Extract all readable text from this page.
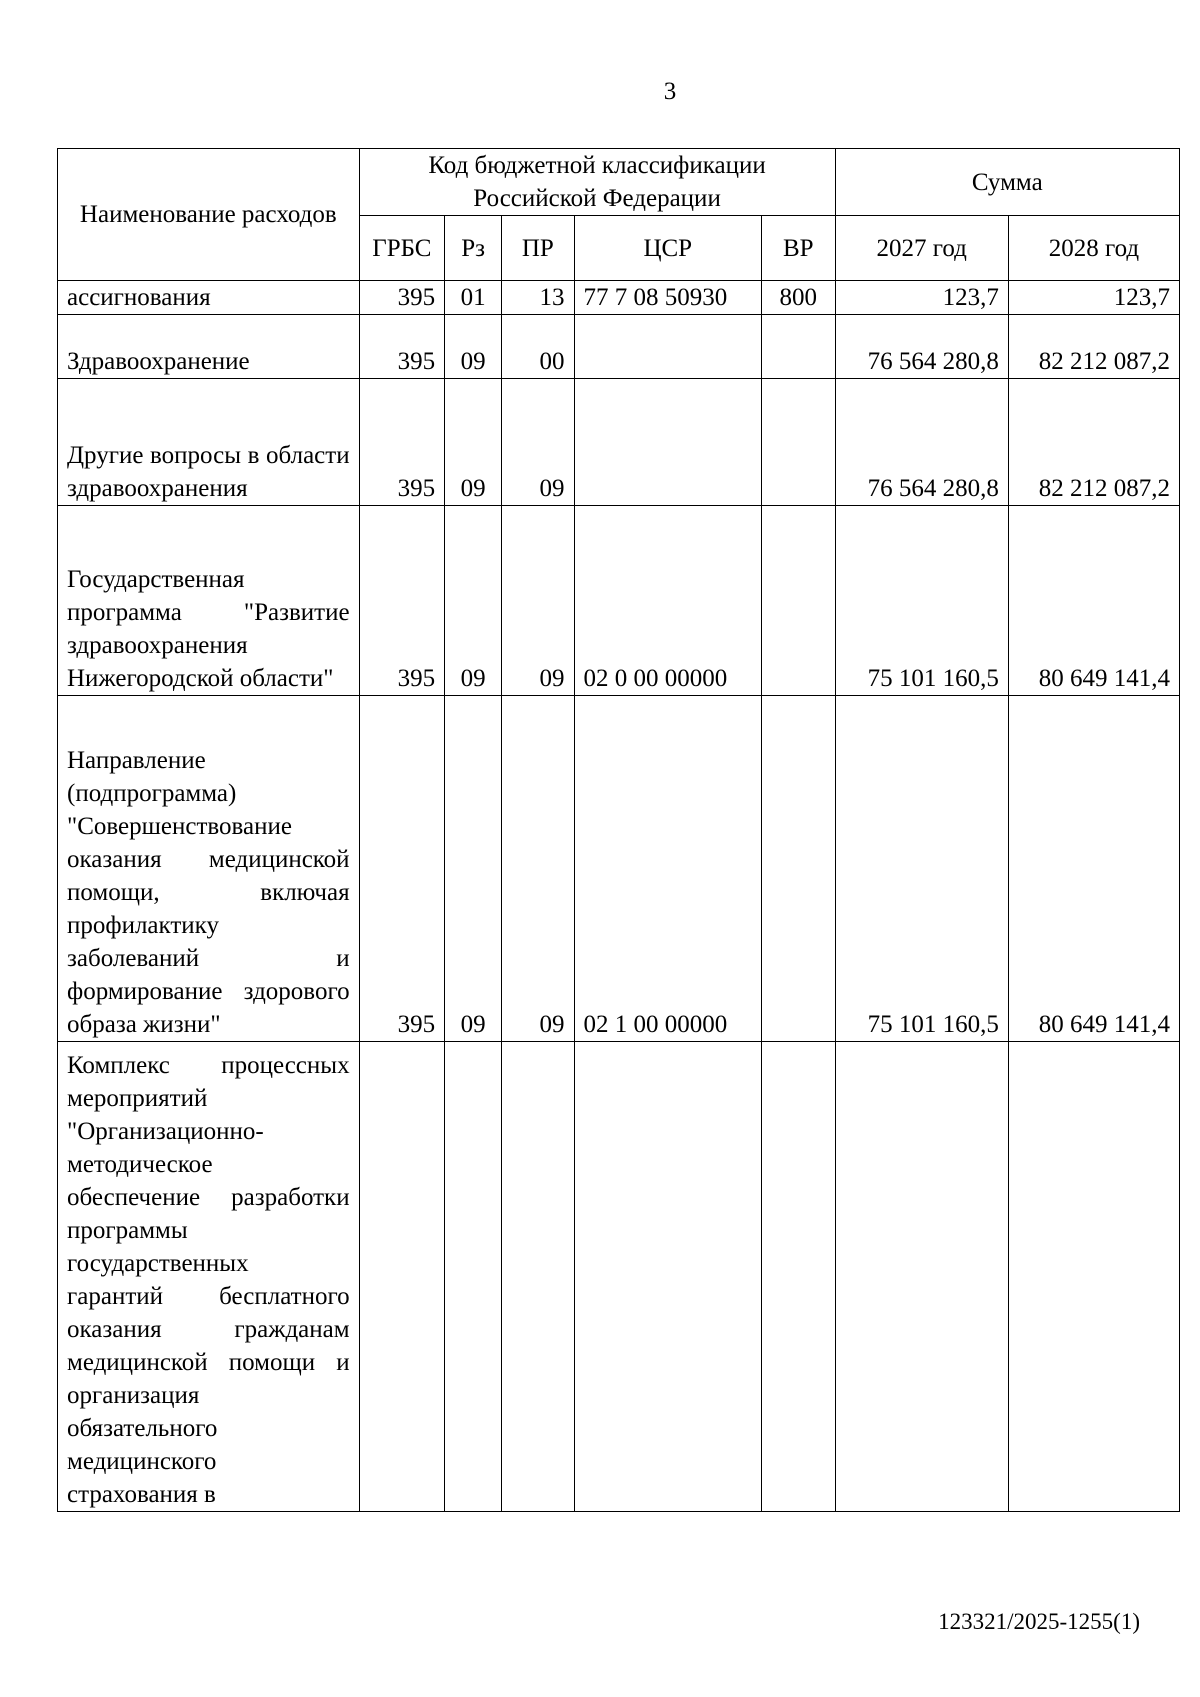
3
Наименование расходов	Код бюджетной классификации Российской Федерации					Сумма	
	ГРБС	Рз	ПР	ЦСР	ВР	2027 год	2028 год
ассигнования	395	01	13	77 7 08 50930	800	123,7	123,7
Здравоохранение	395	09	00			76 564 280,8	82 212 087,2
Другие вопросы в области здравоохранения	395	09	09			76 564 280,8	82 212 087,2
Государственная программа "Развитие здравоохранения Нижегородской области"	395	09	09	02 0 00 00000		75 101 160,5	80 649 141,4
Направление (подпрограмма) "Совершенствование оказания медицинской помощи, включая профилактику заболеваний и формирование здорового образа жизни"	395	09	09	02 1 00 00000		75 101 160,5	80 649 141,4
Комплекс процессных мероприятий "Организационно-методическое обеспечение разработки программы государственных гарантий бесплатного оказания гражданам медицинской помощи и организация обязательного медицинского страхования в							
123321/2025-1255(1)
